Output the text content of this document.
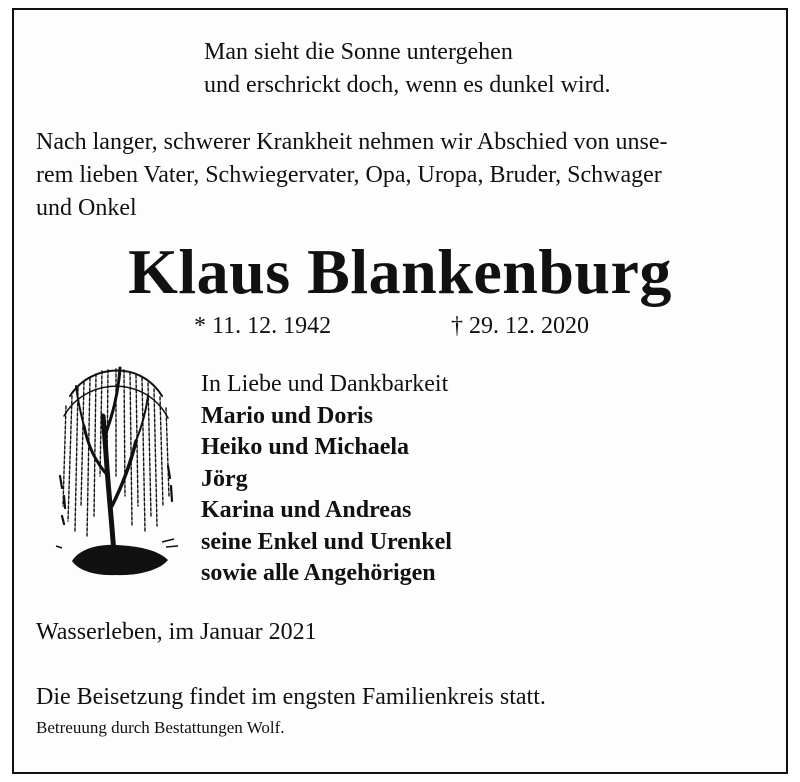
Man sieht die Sonne untergehen
und erschrickt doch, wenn es dunkel wird.
Nach langer, schwerer Krankheit nehmen wir Abschied von unse-
rem lieben Vater, Schwiegervater, Opa, Uropa, Bruder, Schwager
und Onkel
Klaus Blankenburg
* 11. 12. 1942	† 29. 12. 2020
In Liebe und Dankbarkeit
Mario und Doris
Heiko und Michaela
Jörg
Karina und Andreas
seine Enkel und Urenkel
sowie alle Angehörigen
Wasserleben, im Januar 2021
Die Beisetzung findet im engsten Familienkreis statt.
Betreuung durch Bestattungen Wolf.
